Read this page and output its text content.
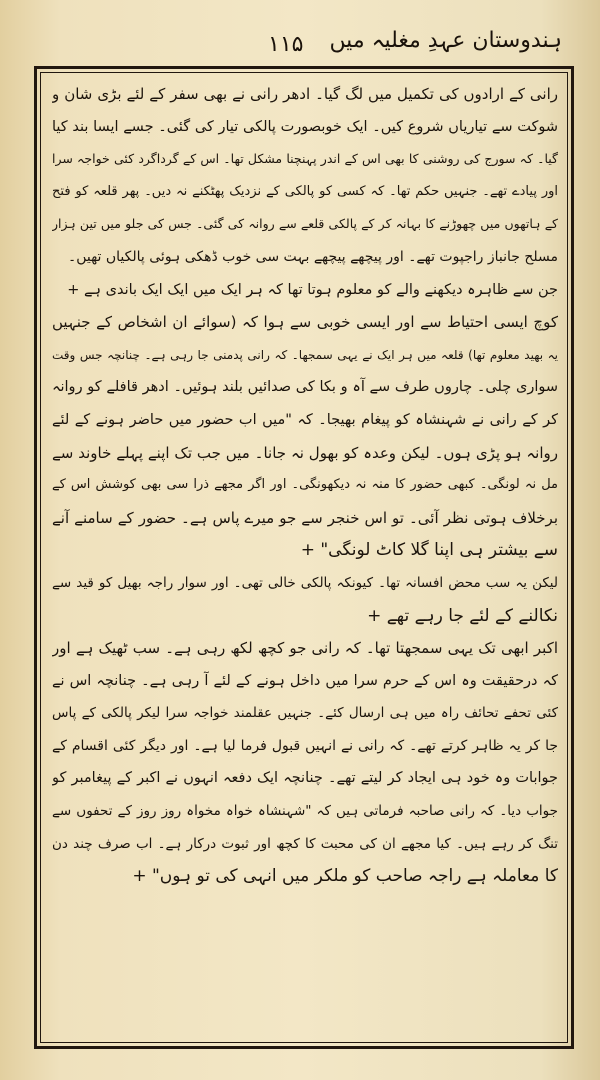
۱۱۵ ہندوستان عہدِ مغلیہ میں
رانی کے ارادوں کی تکمیل میں لگ گیا۔ ادھر رانی نے بھی سفر کے لئے بڑی شان و
شوکت سے تیاریاں شروع کیں۔ ایک خوبصورت پالکی تیار کی گئی۔ جسے ایسا بند کیا
گیا۔ کہ سورج کی روشنی کا بھی اس کے اندر پہنچنا مشکل تھا۔ اس کے گرداگرد کئی خواجہ سرا
اور پیادے تھے۔ جنہیں حکم تھا۔ کہ کسی کو پالکی کے نزدیک پھٹکنے نہ دیں۔ پھر قلعہ کو فتح
کے ہاتھوں میں چھوڑنے کا بہانہ کر کے پالکی قلعے سے روانہ کی گئی۔ جس کی جلو میں تین ہزار
مسلح جانباز راجپوت تھے۔ اور پیچھے پیچھے بہت سی خوب ڈھکی ہوئی پالکیاں تھیں۔
جن سے ظاہرہ دیکھنے والے کو معلوم ہوتا تھا کہ ہر ایک میں ایک ایک باندی ہے +
کوچ ایسی احتیاط سے اور ایسی خوبی سے ہوا کہ (سوائے ان اشخاص کے جنہیں
یہ بھید معلوم تھا) قلعہ میں ہر ایک نے یہی سمجھا۔ کہ رانی پدمنی جا رہی ہے۔ چنانچہ جس وقت
سواری چلی۔ چاروں طرف سے آہ و بکا کی صدائیں بلند ہوئیں۔ ادھر قافلے کو روانہ
کر کے رانی نے شہنشاہ کو پیغام بھیجا۔ کہ "میں اب حضور میں حاضر ہونے کے لئے
روانہ ہو پڑی ہوں۔ لیکن وعدہ کو بھول نہ جانا۔ میں جب تک اپنے پہلے خاوند سے
مل نہ لونگی۔ کبھی حضور کا منہ نہ دیکھونگی۔ اور اگر مجھے ذرا سی بھی کوشش اس کے
برخلاف ہوتی نظر آئی۔ تو اس خنجر سے جو میرے پاس ہے۔ حضور کے سامنے آنے
سے بیشتر ہی اپنا گلا کاٹ لونگی" +
لیکن یہ سب محض افسانہ تھا۔ کیونکہ پالکی خالی تھی۔ اور سوار راجہ بھیل کو قید سے
نکالنے کے لئے جا رہے تھے +
اکبر ابھی تک یہی سمجھتا تھا۔ کہ رانی جو کچھ لکھ رہی ہے۔ سب ٹھیک ہے اور
کہ درحقیقت وہ اس کے حرم سرا میں داخل ہونے کے لئے آ رہی ہے۔ چنانچہ اس نے
کئی تحفے تحائف راہ میں ہی ارسال کئے۔ جنہیں عقلمند خواجہ سرا لیکر پالکی کے پاس
جا کر یہ ظاہر کرتے تھے۔ کہ رانی نے انہیں قبول فرما لیا ہے۔ اور دیگر کئی اقسام کے
جوابات وہ خود ہی ایجاد کر لیتے تھے۔ چنانچہ ایک دفعہ انہوں نے اکبر کے پیغامبر کو
جواب دیا۔ کہ رانی صاحبہ فرماتی ہیں کہ "شہنشاہ خواہ مخواہ روز روز کے تحفوں سے
تنگ کر رہے ہیں۔ کیا مجھے ان کی محبت کا کچھ اور ثبوت درکار ہے۔ اب صرف چند دن
کا معاملہ ہے راجہ صاحب کو ملکر میں انہی کی تو ہوں" +
